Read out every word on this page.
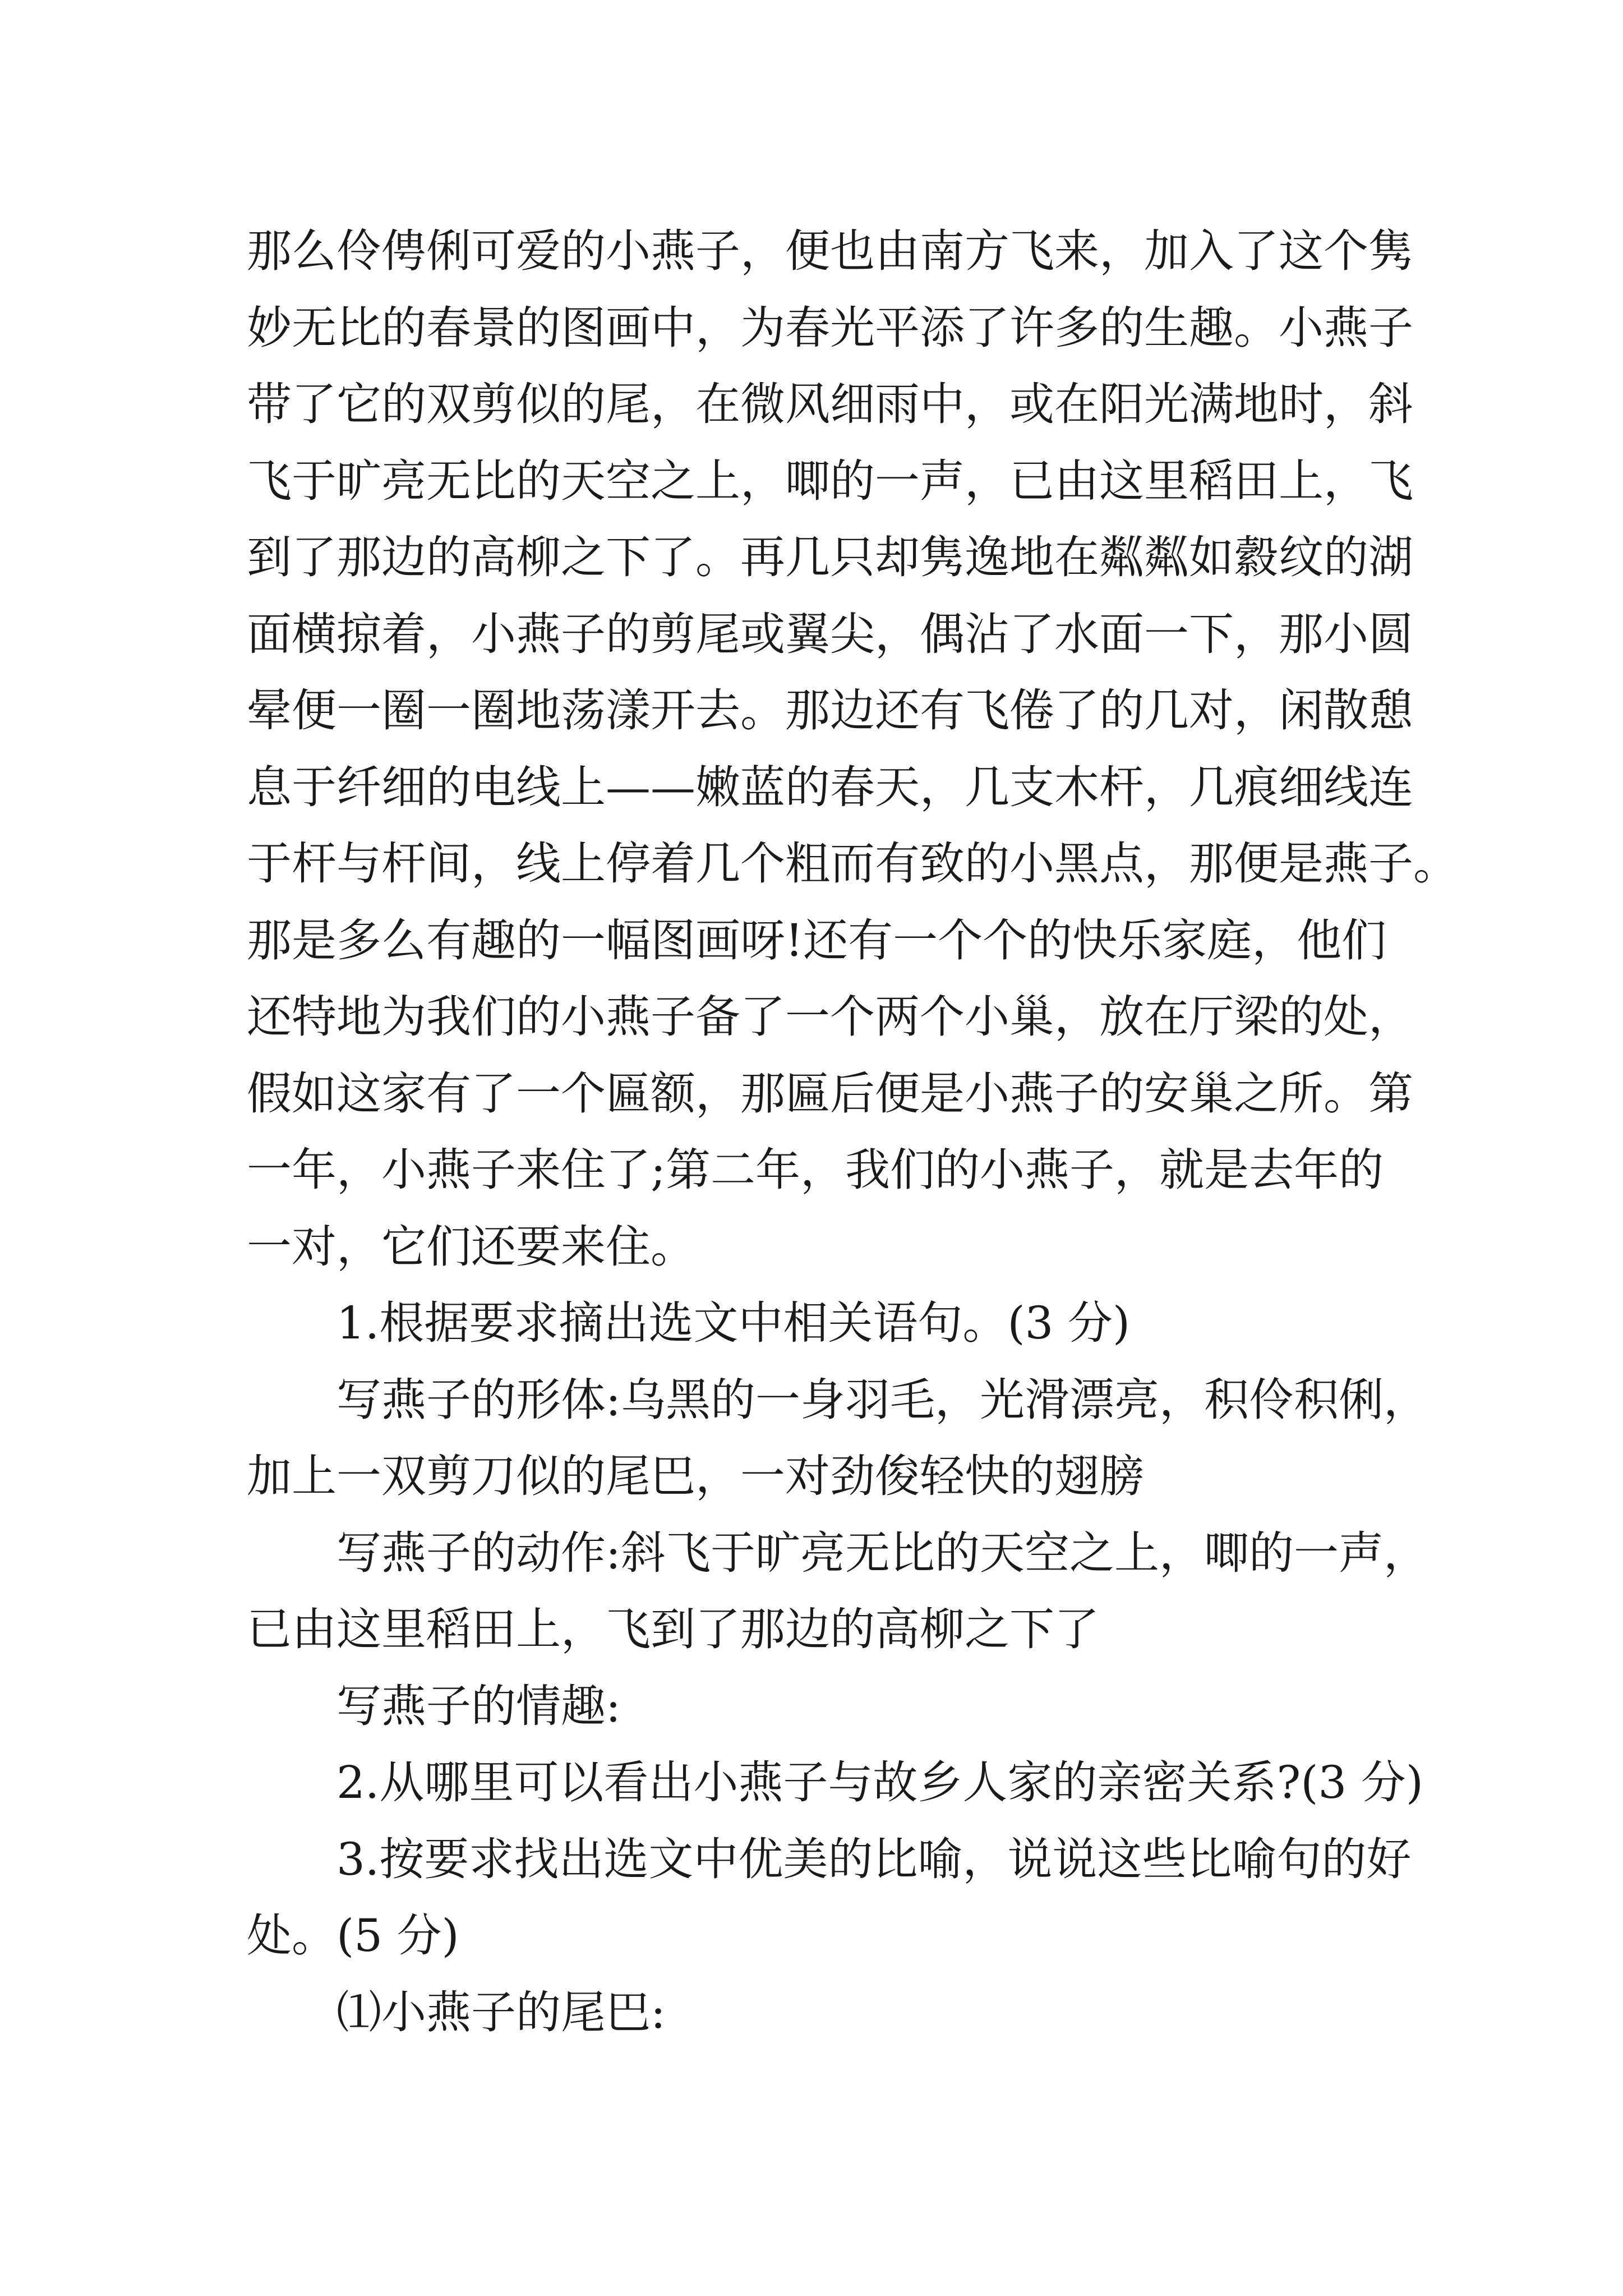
那么伶俜俐可爱的小燕子，便也由南方飞来，加入了这个隽
妙无比的春景的图画中，为春光平添了许多的生趣。小燕子
带了它的双剪似的尾，在微风细雨中，或在阳光满地时，斜
飞于旷亮无比的天空之上，唧的一声，已由这里稻田上，飞
到了那边的高柳之下了。再几只却隽逸地在粼粼如縠纹的湖
面横掠着，小燕子的剪尾或翼尖，偶沾了水面一下，那小圆
晕便一圈一圈地荡漾开去。那边还有飞倦了的几对，闲散憩
息于纤细的电线上——嫩蓝的春天，几支木杆，几痕细线连
于杆与杆间，线上停着几个粗而有致的小黑点，那便是燕子。
那是多么有趣的一幅图画呀!还有一个个的快乐家庭，他们
还特地为我们的小燕子备了一个两个小巢，放在厅梁的处，
假如这家有了一个匾额，那匾后便是小燕子的安巢之所。第
一年，小燕子来住了;第二年，我们的小燕子，就是去年的
一对，它们还要来住。
1.根据要求摘出选文中相关语句。(3 分)
写燕子的形体:乌黑的一身羽毛，光滑漂亮，积伶积俐，
加上一双剪刀似的尾巴，一对劲俊轻快的翅膀
写燕子的动作:斜飞于旷亮无比的天空之上，唧的一声，
已由这里稻田上，飞到了那边的高柳之下了
写燕子的情趣:
2.从哪里可以看出小燕子与故乡人家的亲密关系?(3 分)
3.按要求找出选文中优美的比喻，说说这些比喻句的好
处。(5 分)
⑴小燕子的尾巴:
